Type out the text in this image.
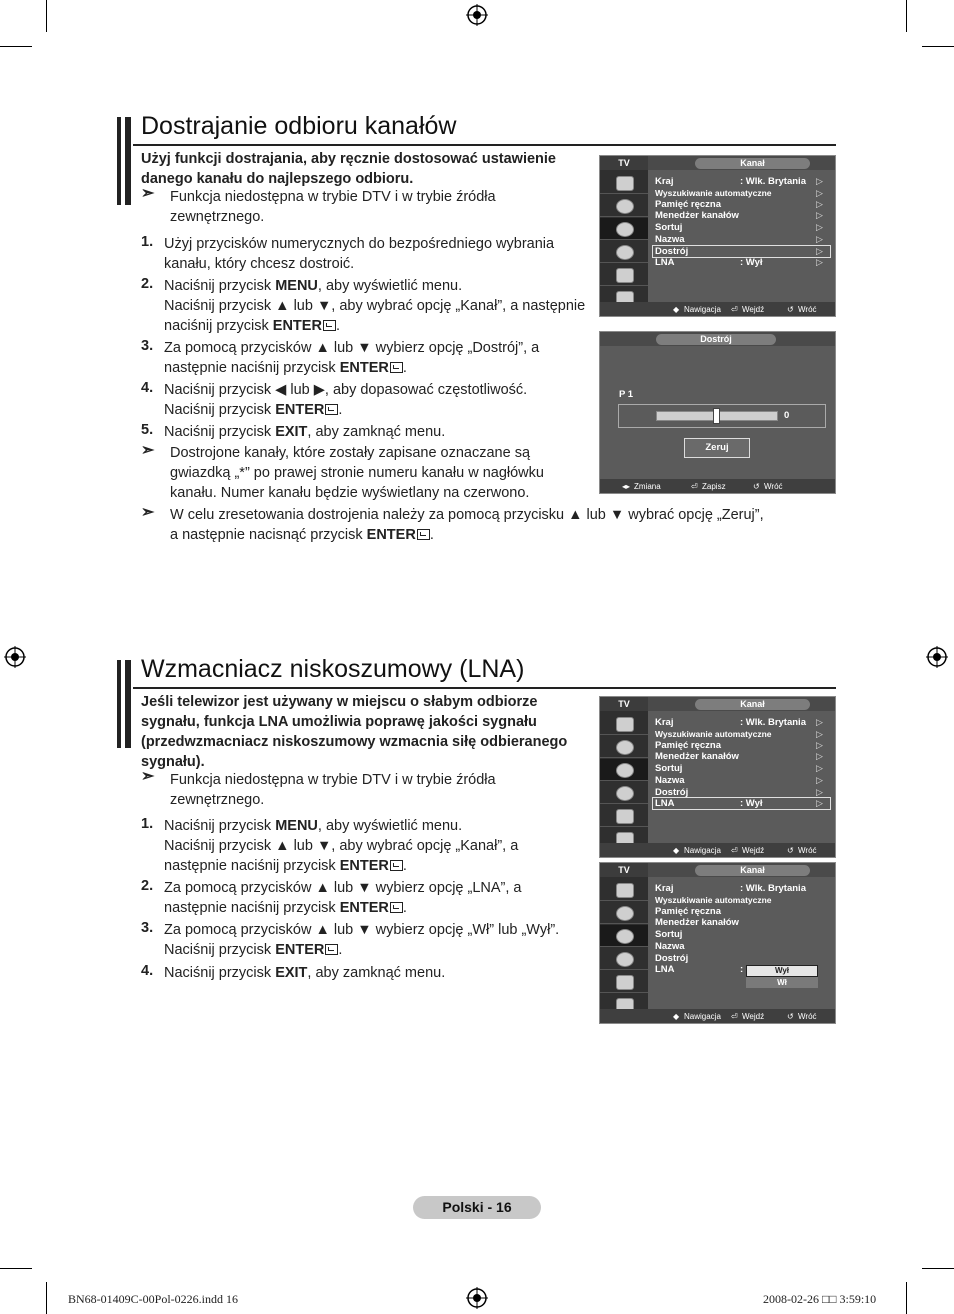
Dostrajanie odbioru kanałów
Użyj funkcji dostrajania, aby ręcznie dostosować ustawienie danego kanału do najlepszego odbioru.
➣ Funkcja niedostępna w trybie DTV i w trybie źródła zewnętrznego.
1. Użyj przycisków numerycznych do bezpośredniego wybrania kanału, który chcesz dostroić.
2. Naciśnij przycisk MENU, aby wyświetlić menu.
Naciśnij przycisk ▲ lub ▼, aby wybrać opcję „Kanał”, a następnie
naciśnij przycisk ENTER .
3. Za pomocą przycisków ▲ lub ▼ wybierz opcję „Dostrój”, a
następnie naciśnij przycisk ENTER .
4. Naciśnij przycisk ◀ lub ▶, aby dopasować częstotliwość.
Naciśnij przycisk ENTER .
5. Naciśnij przycisk EXIT, aby zamknąć menu.
➣ Dostrojone kanały, które zostały zapisane oznaczane są gwiazdką „*” po prawej stronie numeru kanału w nagłówku kanału. Numer kanału będzie wyświetlany na czerwono.
➣ W celu zresetowania dostrojenia należy za pomocą przycisku ▲ lub ▼ wybrać opcję „Zeruj”,
a następnie nacisnąć przycisk ENTER .
TV	Kanał
Kraj	: Wlk. Brytania
Wyszukiwanie automatyczne
Pamięć ręczna
Menedżer kanałów
Sortuj
Nazwa
Dostrój
LNA	: Wył
▷
▷
▷
▷
▷
▷
▷
▷
◆ Nawigacja ⏎ Wejdź	↺ Wróć
Dostrój
P 1
0
Zeruj
◂▸ Zmiana	⏎ Zapisz	↺ Wróć
Wzmacniacz niskoszumowy (LNA)
Jeśli telewizor jest używany w miejscu o słabym odbiorze sygnału, funkcja LNA umożliwia poprawę jakości sygnału (przedwzmacniacz niskoszumowy wzmacnia siłę odbieranego sygnału).
➣ Funkcja niedostępna w trybie DTV i w trybie źródła zewnętrznego.
1. Naciśnij przycisk MENU, aby wyświetlić menu.
Naciśnij przycisk ▲ lub ▼, aby wybrać opcję „Kanał”, a
następnie naciśnij przycisk ENTER .
2. Za pomocą przycisków ▲ lub ▼ wybierz opcję „LNA”, a
następnie naciśnij przycisk ENTER .
3. Za pomocą przycisków ▲ lub ▼ wybierz opcję „Wł” lub „Wył”.
Naciśnij przycisk ENTER .
4. Naciśnij przycisk EXIT, aby zamknąć menu.
TV	Kanał
Kraj	: Wlk. Brytania
Wyszukiwanie automatyczne
Pamięć ręczna
Menedżer kanałów
Sortuj
Nazwa
Dostrój
LNA	: Wył
▷
▷
▷
▷
▷
▷
▷
▷
◆ Nawigacja ⏎ Wejdź	↺ Wróć
TV	Kanał
Kraj	: Wlk. Brytania
Wyszukiwanie automatyczne
Pamięć ręczna
Menedżer kanałów
Sortuj
Nazwa
Dostrój
LNA	:	Wył
Wł
◆ Nawigacja ⏎ Wejdź	↺ Wróć
Polski - 16
BN68-01409C-00Pol-0226.indd 16	2008-02-26 □□ 3:59:10
